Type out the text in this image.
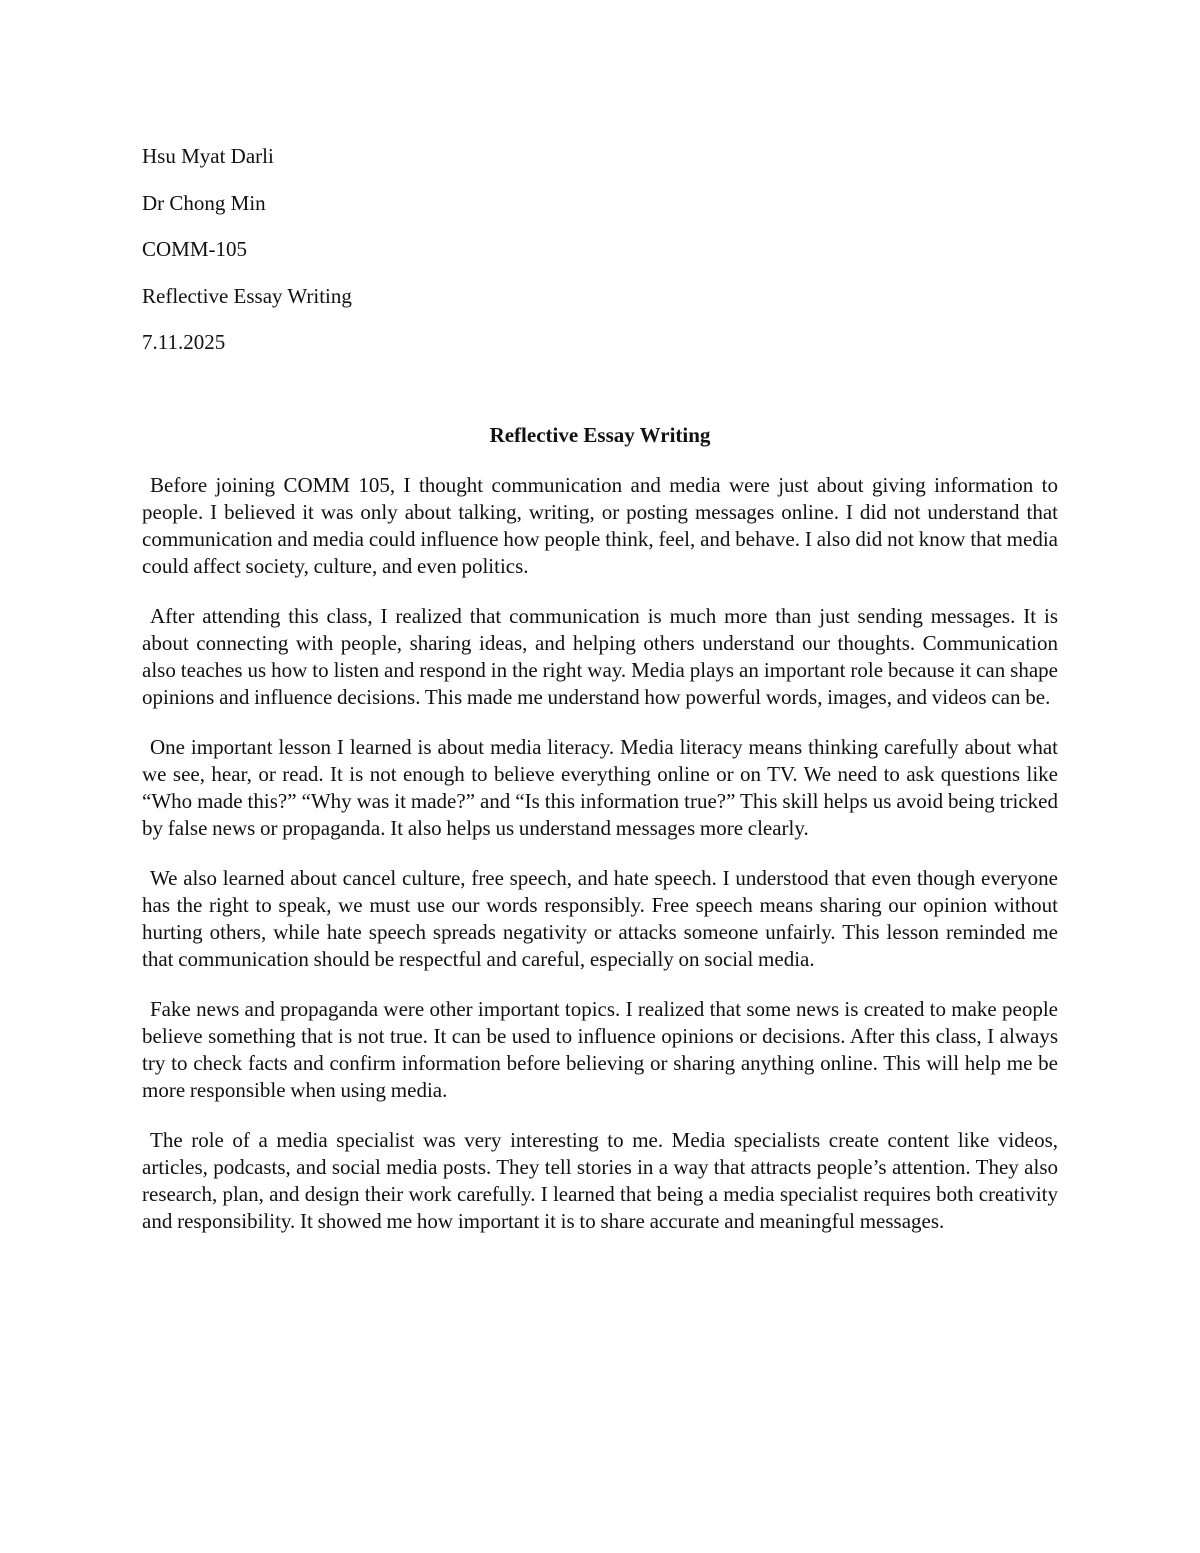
Hsu Myat Darli
Dr Chong Min
COMM-105
Reflective Essay Writing
7.11.2025
Reflective Essay Writing

Before joining COMM 105, I thought communication and media were just about giving information to people. I believed it was only about talking, writing, or posting messages online. I did not understand that communication and media could influence how people think, feel, and behave. I also did not know that media could affect society, culture, and even politics.

After attending this class, I realized that communication is much more than just sending messages. It is about connecting with people, sharing ideas, and helping others understand our thoughts. Communication also teaches us how to listen and respond in the right way. Media plays an important role because it can shape opinions and influence decisions. This made me understand how powerful words, images, and videos can be.

One important lesson I learned is about media literacy. Media literacy means thinking carefully about what we see, hear, or read. It is not enough to believe everything online or on TV. We need to ask questions like “Who made this?” “Why was it made?” and “Is this information true?” This skill helps us avoid being tricked by false news or propaganda. It also helps us understand messages more clearly.

We also learned about cancel culture, free speech, and hate speech. I understood that even though everyone has the right to speak, we must use our words responsibly. Free speech means sharing our opinion without hurting others, while hate speech spreads negativity or attacks someone unfairly. This lesson reminded me that communication should be respectful and careful, especially on social media.

Fake news and propaganda were other important topics. I realized that some news is created to make people believe something that is not true. It can be used to influence opinions or decisions. After this class, I always try to check facts and confirm information before believing or sharing anything online. This will help me be more responsible when using media.

The role of a media specialist was very interesting to me. Media specialists create content like videos, articles, podcasts, and social media posts. They tell stories in a way that attracts people’s attention. They also research, plan, and design their work carefully. I learned that being a media specialist requires both creativity and responsibility. It showed me how important it is to share accurate and meaningful messages.
